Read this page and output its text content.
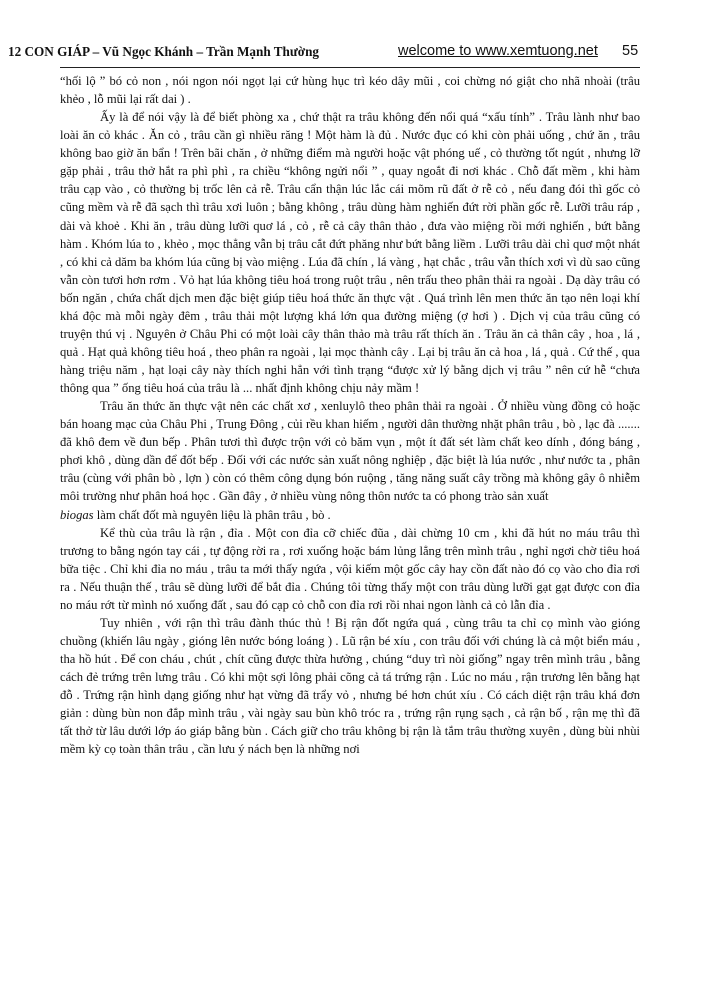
12 CON GIÁP – Vũ Ngọc Khánh – Trần Mạnh Thường	welcome to www.xemtuong.net 55

“hối lộ ” bó cỏ non , nói ngon nói ngọt lại cứ hùng hục trì kéo dây mũi , coi chừng nó giật cho nhã nhoài (trâu khẻo , lỗ mũi lại rất dai ) .

Ấy là để nói vậy là để biết phòng xa , chứ thật ra trâu không đến nổi quá “xấu tính” . Trâu lành như bao loài ăn cỏ khác . Ăn cỏ , trâu cần gì nhiều răng ! Một hàm là đủ . Nước đục có khi còn phải uống , chứ ăn , trâu không bao giờ ăn bẩn ! Trên bãi chăn , ở những điểm mà người hoặc vật phóng uế , cỏ thường tốt ngút , nhưng lỡ gặp phải , trâu thở hắt ra phì phì , ra chiều “không ngửi nổi ” , quay ngoắt đi nơi khác . Chỗ đất mềm , khi hàm trâu cạp vào , cỏ thường bị trốc lên cả rễ. Trâu cẩn thận lúc lắc cái mõm rũ đất ở rễ cỏ , nếu đang đói thì gốc cỏ cũng mềm và rễ đã sạch thì trâu xơi luôn ; bằng không , trâu dùng hàm nghiến đứt rời phần gốc rễ. Lưỡi trâu ráp , dài và khoẻ . Khi ăn , trâu dùng lưỡi quơ lá , cỏ , rễ cả cây thân thảo , đưa vào miệng rồi mới nghiến , bứt bằng hàm . Khóm lúa to , khẻo , mọc thẳng vẫn bị trâu cắt đứt phăng như bứt bằng liềm . Lưỡi trâu dài chỉ quơ một nhát , có khi cả dăm ba khóm lúa cũng bị vào miệng . Lúa đã chín , lá vàng , hạt chắc , trâu vẫn thích xơi vì dù sao cũng vẫn còn tươi hơn rơm . Vỏ hạt lúa không tiêu hoá trong ruột trâu , nên trấu theo phân thải ra ngoài . Dạ dày trâu có bốn ngăn , chứa chất dịch men đặc biệt giúp tiêu hoá thức ăn thực vật . Quá trình lên men thức ăn tạo nên loại khí khá độc mà mỗi ngày đêm , trâu thải một lượng khá lớn qua đường miệng (ợ hơi ) . Dịch vị của trâu cũng có truyện thú vị . Nguyên ở Châu Phi có một loài cây thân thảo mà trâu rất thích ăn . Trâu ăn cả thân cây , hoa , lá , quả . Hạt quả không tiêu hoá , theo phân ra ngoài , lại mọc thành cây . Lại bị trâu ăn cả hoa , lá , quả . Cứ thế , qua hàng triệu năm , hạt loại cây này thích nghi hẳn với tình trạng “được xử lý bằng dịch vị trâu ” nên cứ hễ “chưa thông qua ” ống tiêu hoá của trâu là ... nhất định không chịu nảy mầm !

Trâu ăn thức ăn thực vật nên các chất xơ , xenluylô theo phân thải ra ngoài . Ở nhiều vùng đồng cỏ hoặc bán hoang mạc của Châu Phi , Trung Đông , củi rều khan hiếm , người dân thường nhặt phân trâu , bò , lạc đà ....... đã khô đem về đun bếp . Phân tươi thì được trộn với cỏ băm vụn , một ít đất sét làm chất keo dính , đóng báng , phơi khô , dùng dần để đốt bếp . Đối với các nước sản xuất nông nghiệp , đặc biệt là lúa nước , như nước ta , phân trâu (cùng với phân bò , lợn ) còn có thêm công dụng bón ruộng , tăng năng suất cây trồng mà không gây ô nhiễm môi trường như phân hoá học . Gần đây , ở nhiều vùng nông thôn nước ta có phong trào sản xuất
biogas làm chất đốt mà nguyên liệu là phân trâu , bò .

Kể thù của trâu là rận , đỉa . Một con đỉa cỡ chiếc đũa , dài chừng 10 cm , khi đã hút no máu trâu thì trương to bằng ngón tay cái , tự động rời ra , rơi xuống hoặc bám lủng lẳng trên mình trâu , nghỉ ngơi chờ tiêu hoá bữa tiệc . Chỉ khi đỉa no máu , trâu ta mới thấy ngứa , vội kiếm một gốc cây hay cồn đất nào đó cọ vào cho đỉa rơi ra . Nếu thuận thế , trâu sẽ dùng lưỡi để bắt đỉa . Chúng tôi từng thấy một con trâu dùng lưỡi gạt gạt được con đỉa no máu rớt từ mình nó xuống đất , sau đó cạp cỏ chỗ con đỉa rơi rồi nhai ngon lành cả cỏ lẫn đỉa .

Tuy nhiên , với rận thì trâu đành thúc thủ ! Bị rận đốt ngứa quá , cùng trâu ta chỉ cọ mình vào gióng chuồng (khiến lâu ngày , gióng lên nước bóng loáng ) . Lũ rận bé xíu , con trâu đối với chúng là cả một biển máu , tha hồ hút . Để con cháu , chút , chít cũng được thừa hưởng , chúng “duy trì nòi giống” ngay trên mình trâu , bằng cách đẻ trứng trên lưng trâu . Có khi một sợi lông phải cõng cả tá trứng rận . Lúc no máu , rận trương lên bằng hạt đỗ . Trứng rận hình dạng giống như hạt vừng đã trẩy vỏ , nhưng bé hơn chút xíu . Có cách diệt rận trâu khá đơn giản : dùng bùn non đắp mình trâu , vài ngày sau bùn khô tróc ra , trứng rận rụng sạch , cả rận bố , rận mẹ thì đã tất thở từ lâu dưới lớp áo giáp bằng bùn . Cách giữ cho trâu không bị rận là tắm trâu thường xuyên , dùng bùi nhùi mềm kỳ cọ toàn thân trâu , cần lưu ý nách bẹn là những nơi
